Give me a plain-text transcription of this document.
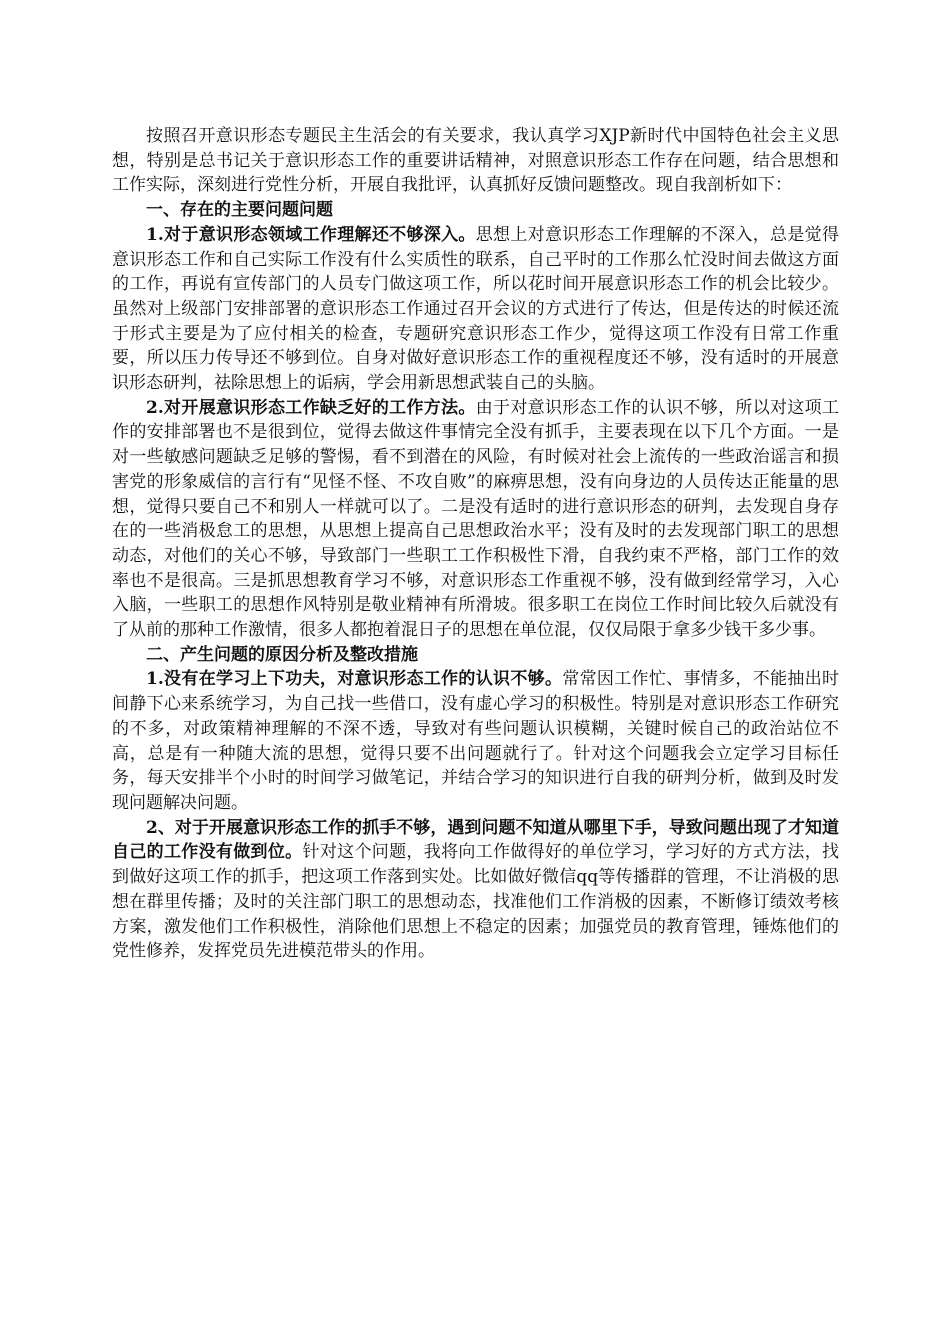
按照召开意识形态专题民主生活会的有关要求，我认真学习XJP新时代中国特色社会主义思想，特别是总书记关于意识形态工作的重要讲话精神，对照意识形态工作存在问题，结合思想和工作实际，深刻进行党性分析，开展自我批评，认真抓好反馈问题整改。现自我剖析如下：

一、存在的主要问题问题

1.对于意识形态领域工作理解还不够深入。思想上对意识形态工作理解的不深入，总是觉得意识形态工作和自己实际工作没有什么实质性的联系，自己平时的工作那么忙没时间去做这方面的工作，再说有宣传部门的人员专门做这项工作，所以花时间开展意识形态工作的机会比较少。虽然对上级部门安排部署的意识形态工作通过召开会议的方式进行了传达，但是传达的时候还流于形式主要是为了应付相关的检查，专题研究意识形态工作少，觉得这项工作没有日常工作重要，所以压力传导还不够到位。自身对做好意识形态工作的重视程度还不够，没有适时的开展意识形态研判，祛除思想上的诟病，学会用新思想武装自己的头脑。

2.对开展意识形态工作缺乏好的工作方法。由于对意识形态工作的认识不够，所以对这项工作的安排部署也不是很到位，觉得去做这件事情完全没有抓手，主要表现在以下几个方面。一是对一些敏感问题缺乏足够的警惕，看不到潜在的风险，有时候对社会上流传的一些政治谣言和损害党的形象威信的言行有“见怪不怪、不攻自败”的麻痹思想，没有向身边的人员传达正能量的思想，觉得只要自己不和别人一样就可以了。二是没有适时的进行意识形态的研判，去发现自身存在的一些消极怠工的思想，从思想上提高自己思想政治水平；没有及时的去发现部门职工的思想动态，对他们的关心不够，导致部门一些职工工作积极性下滑，自我约束不严格，部门工作的效率也不是很高。三是抓思想教育学习不够，对意识形态工作重视不够，没有做到经常学习，入心入脑，一些职工的思想作风特别是敬业精神有所滑坡。很多职工在岗位工作时间比较久后就没有了从前的那种工作激情，很多人都抱着混日子的思想在单位混，仅仅局限于拿多少钱干多少事。

二、产生问题的原因分析及整改措施

1.没有在学习上下功夫，对意识形态工作的认识不够。常常因工作忙、事情多，不能抽出时间静下心来系统学习，为自己找一些借口，没有虚心学习的积极性。特别是对意识形态工作研究的不多，对政策精神理解的不深不透，导致对有些问题认识模糊，关键时候自己的政治站位不高，总是有一种随大流的思想，觉得只要不出问题就行了。针对这个问题我会立定学习目标任务，每天安排半个小时的时间学习做笔记，并结合学习的知识进行自我的研判分析，做到及时发现问题解决问题。

2、对于开展意识形态工作的抓手不够，遇到问题不知道从哪里下手，导致问题出现了才知道自己的工作没有做到位。针对这个问题，我将向工作做得好的单位学习，学习好的方式方法，找到做好这项工作的抓手，把这项工作落到实处。比如做好微信qq等传播群的管理，不让消极的思想在群里传播；及时的关注部门职工的思想动态，找准他们工作消极的因素，不断修订绩效考核方案，激发他们工作积极性，消除他们思想上不稳定的因素；加强党员的教育管理，锤炼他们的党性修养，发挥党员先进模范带头的作用。
